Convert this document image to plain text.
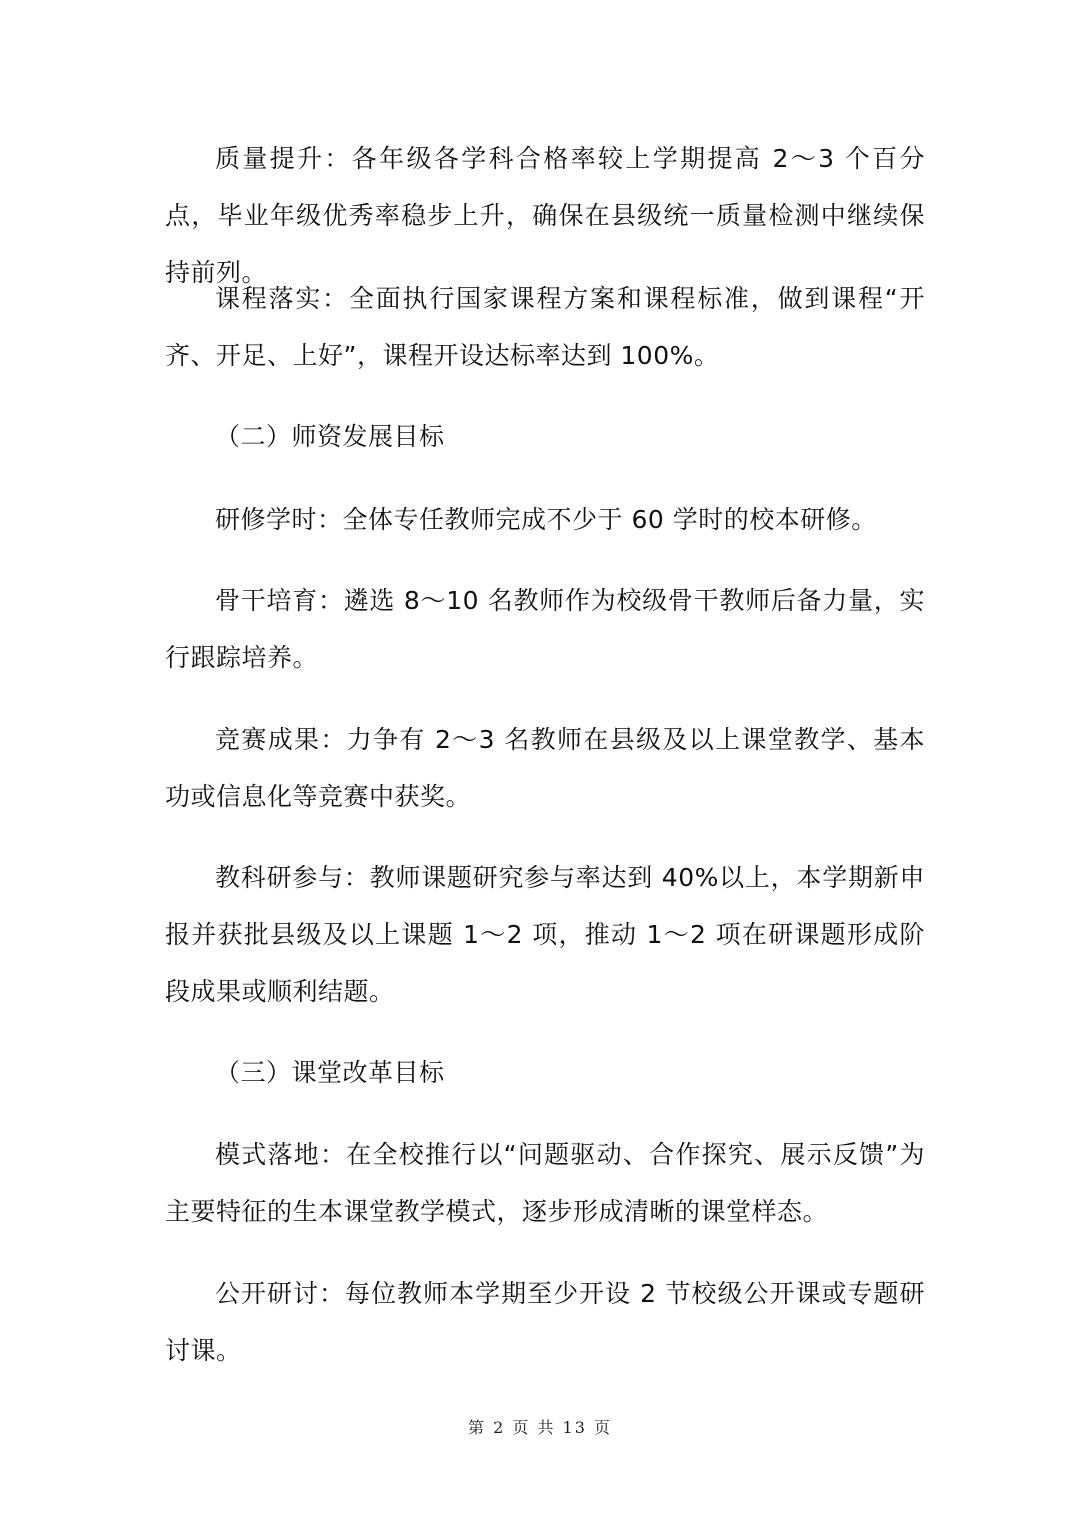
质量提升：各年级各学科合格率较上学期提高 2～3 个百分点，毕业年级优秀率稳步上升，确保在县级统一质量检测中继续保持前列。

课程落实：全面执行国家课程方案和课程标准，做到课程“开齐、开足、上好”，课程开设达标率达到 100%。

（二）师资发展目标

研修学时：全体专任教师完成不少于 60 学时的校本研修。

骨干培育：遴选 8～10 名教师作为校级骨干教师后备力量，实行跟踪培养。

竞赛成果：力争有 2～3 名教师在县级及以上课堂教学、基本功或信息化等竞赛中获奖。

教科研参与：教师课题研究参与率达到 40%以上，本学期新申报并获批县级及以上课题 1～2 项，推动 1～2 项在研课题形成阶段成果或顺利结题。

（三）课堂改革目标

模式落地：在全校推行以“问题驱动、合作探究、展示反馈”为主要特征的生本课堂教学模式，逐步形成清晰的课堂样态。

公开研讨：每位教师本学期至少开设 2 节校级公开课或专题研讨课。

第 2 页 共 13 页
